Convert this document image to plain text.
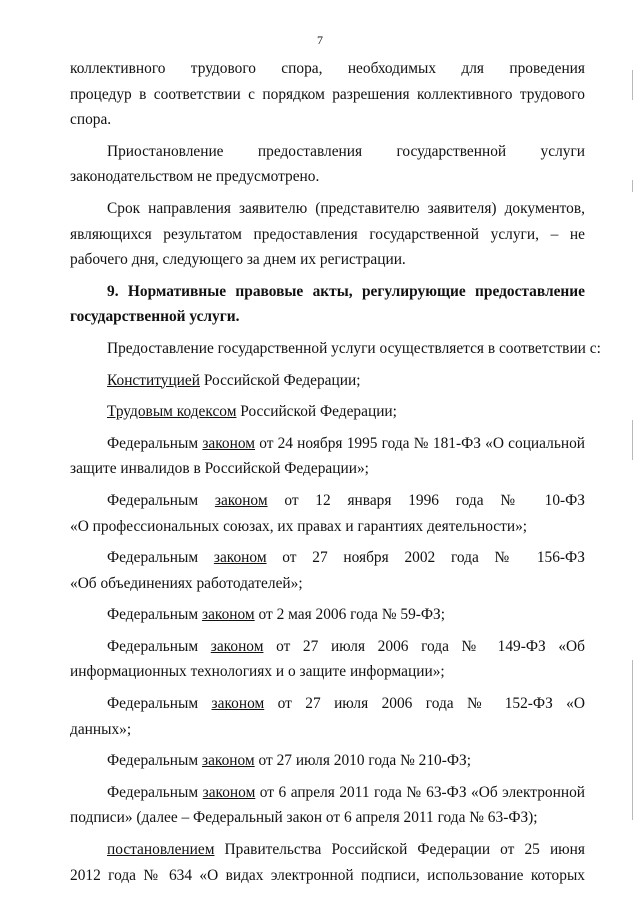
7
коллективного трудового спора, необходимых для проведения
процедур в соответствии с порядком разрешения коллективного трудового
спора.
Приостановление предоставления государственной услуги
законодательством не предусмотрено.
Срок направления заявителю (представителю заявителя) документов,
являющихся результатом предоставления государственной услуги, – не
рабочего дня, следующего за днем их регистрации.
9. Нормативные правовые акты, регулирующие предоставление
государственной услуги.
Предоставление государственной услуги осуществляется в соответствии с:
Конституцией Российской Федерации;
Трудовым кодексом Российской Федерации;
Федеральным законом от 24 ноября 1995 года № 181-ФЗ «О социальной
защите инвалидов в Российской Федерации»;
Федеральным законом от 12 января 1996 года № 10-ФЗ
«О профессиональных союзах, их правах и гарантиях деятельности»;
Федеральным законом от 27 ноября 2002 года № 156-ФЗ
«Об объединениях работодателей»;
Федеральным законом от 2 мая 2006 года № 59-ФЗ;
Федеральным законом от 27 июля 2006 года № 149-ФЗ «Об
информационных технологиях и о защите информации»;
Федеральным законом от 27 июля 2006 года № 152-ФЗ «О
данных»;
Федеральным законом от 27 июля 2010 года № 210-ФЗ;
Федеральным законом от 6 апреля 2011 года № 63-ФЗ «Об электронной
подписи» (далее – Федеральный закон от 6 апреля 2011 года № 63-ФЗ);
постановлением Правительства Российской Федерации от 25 июня
2012 года № 634 «О видах электронной подписи, использование которых
